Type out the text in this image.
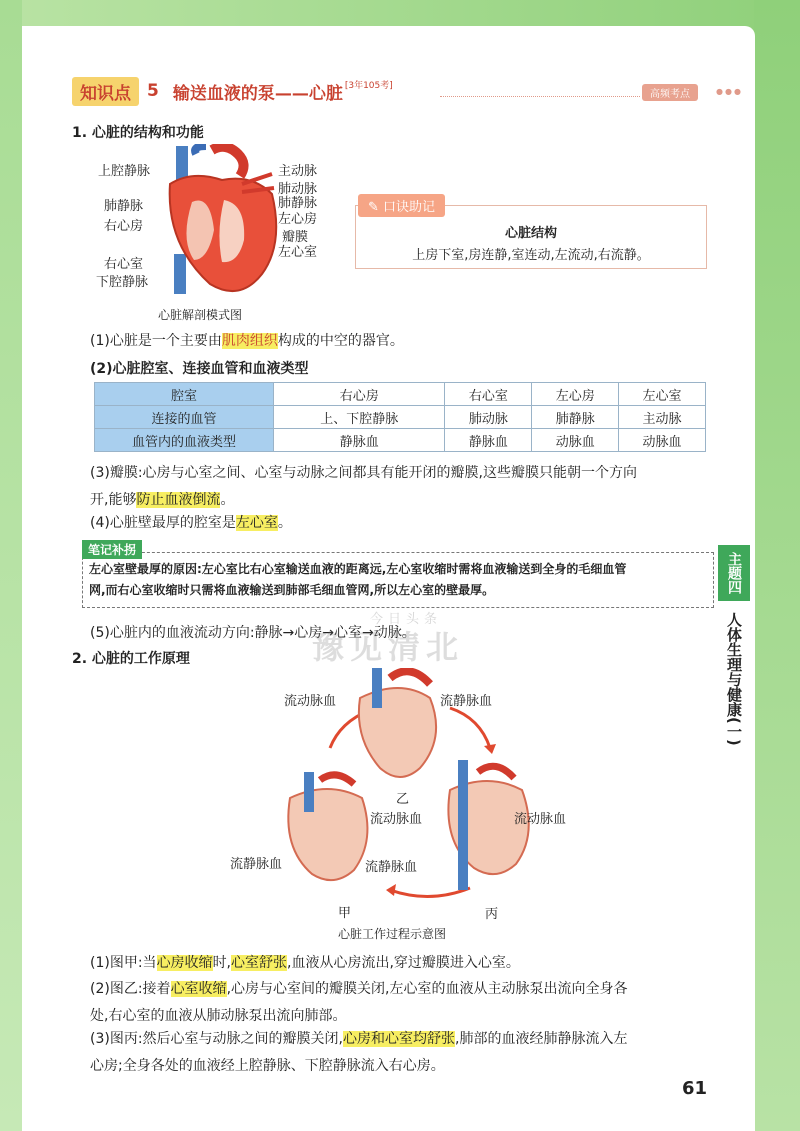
知识点 5 输送血液的泵——心脏 [3年105考]
高频考点	●●●
1. 心脏的结构和功能
上腔静脉
肺静脉
右心房
右心室
下腔静脉
主动脉
肺动脉
肺静脉
左心房
瓣膜
左心室
心脏解剖模式图
✎ 口诀助记
心脏结构
上房下室,房连静,室连动,左流动,右流静。
(1)心脏是一个主要由肌肉组织构成的中空的器官。
(2)心脏腔室、连接血管和血液类型
腔室	右心房	右心室	左心房	左心室
连接的血管	上、下腔静脉	肺动脉	肺静脉	主动脉
血管内的血液类型	静脉血	静脉血	动脉血	动脉血
(3)瓣膜:心房与心室之间、心室与动脉之间都具有能开闭的瓣膜,这些瓣膜只能朝一个方向
开,能够防止血液倒流。
(4)心脏壁最厚的腔室是左心室。
左心室壁最厚的原因:左心室比右心室输送血液的距离远,左心室收缩时需将血液输送到全身的毛细血管
网,而右心室收缩时只需将血液输送到肺部毛细血管网,所以左心室的壁最厚。
笔记补拐
(5)心脏内的血液流动方向:静脉→心房→心室→动脉。
2. 心脏的工作原理
流动脉血	流静脉血
乙
流动脉血	流动脉血
流静脉血	流静脉血
甲	丙
心脏工作过程示意图
(1)图甲:当心房收缩时,心室舒张,血液从心房流出,穿过瓣膜进入心室。
(2)图乙:接着心室收缩,心房与心室间的瓣膜关闭,左心室的血液从主动脉泵出流向全身各
处,右心室的血液从肺动脉泵出流向肺部。
(3)图丙:然后心室与动脉之间的瓣膜关闭,心房和心室均舒张,肺部的血液经肺静脉流入左
心房;全身各处的血液经上腔静脉、下腔静脉流入右心房。
主题四
人体生理与健康(一)
今日头条
豫见清北
61
